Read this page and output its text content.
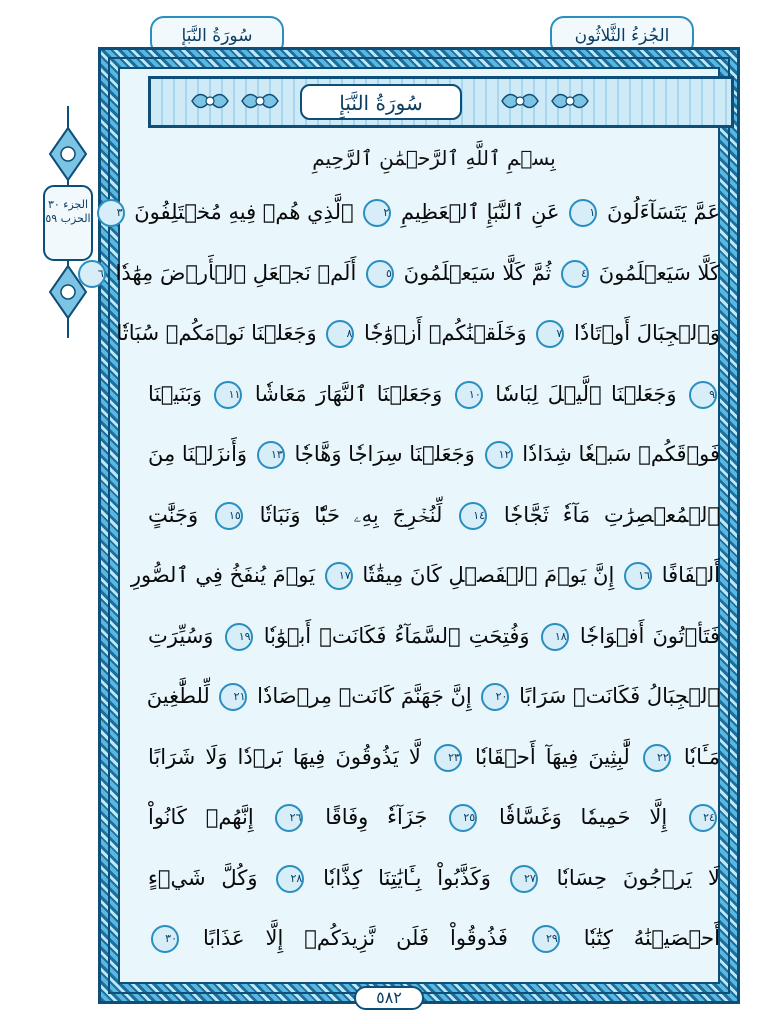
الجُزءُ الثَّلاثُون
سُورَةُ النَّبَإِ
سُورَةُ النَّبَإِ
الجزء ٣٠
الحزب ٥٩
بِسۡمِ ٱللَّهِ ٱلرَّحۡمَٰنِ ٱلرَّحِيمِ
عَمَّ يَتَسَآءَلُونَ ١ عَنِ ٱلنَّبَإِ ٱلۡعَظِيمِ ٢ ٱلَّذِي هُمۡ فِيهِ مُخۡتَلِفُونَ ٣
كَلَّا سَيَعۡلَمُونَ ٤ ثُمَّ كَلَّا سَيَعۡلَمُونَ ٥ أَلَمۡ نَجۡعَلِ ٱلۡأَرۡضَ مِهَٰدٗا ٦
وَٱلۡجِبَالَ أَوۡتَادٗا ٧ وَخَلَقۡنَٰكُمۡ أَزۡوَٰجٗا ٨ وَجَعَلۡنَا نَوۡمَكُمۡ سُبَاتٗا
٩ وَجَعَلۡنَا ٱلَّيۡلَ لِبَاسٗا ١٠ وَجَعَلۡنَا ٱلنَّهَارَ مَعَاشٗا ١١ وَبَنَيۡنَا
فَوۡقَكُمۡ سَبۡعٗا شِدَادٗا ١٢ وَجَعَلۡنَا سِرَاجٗا وَهَّاجٗا ١٣ وَأَنزَلۡنَا مِنَ
ٱلۡمُعۡصِرَٰتِ مَآءٗ ثَجَّاجٗا ١٤ لِّنُخۡرِجَ بِهِۦ حَبّٗا وَنَبَاتٗا ١٥ وَجَنَّٰتٍ
أَلۡفَافًا ١٦ إِنَّ يَوۡمَ ٱلۡفَصۡلِ كَانَ مِيقَٰتٗا ١٧ يَوۡمَ يُنفَخُ فِي ٱلصُّورِ
فَتَأۡتُونَ أَفۡوَاجٗا ١٨ وَفُتِحَتِ ٱلسَّمَآءُ فَكَانَتۡ أَبۡوَٰبٗا ١٩ وَسُيِّرَتِ
ٱلۡجِبَالُ فَكَانَتۡ سَرَابًا ٢٠ إِنَّ جَهَنَّمَ كَانَتۡ مِرۡصَادٗا ٢١ لِّلطَّٰغِينَ
مَـَٔابٗا ٢٢ لَّٰبِثِينَ فِيهَآ أَحۡقَابٗا ٢٣ لَّا يَذُوقُونَ فِيهَا بَرۡدٗا وَلَا شَرَابًا
٢٤ إِلَّا حَمِيمٗا وَغَسَّاقٗا ٢٥ جَزَآءٗ وِفَاقًا ٢٦ إِنَّهُمۡ كَانُواْ
لَا يَرۡجُونَ حِسَابٗا ٢٧ وَكَذَّبُواْ بِـَٔايَٰتِنَا كِذَّابٗا ٢٨ وَكُلَّ شَيۡءٍ
أَحۡصَيۡنَٰهُ كِتَٰبٗا ٢٩ فَذُوقُواْ فَلَن نَّزِيدَكُمۡ إِلَّا عَذَابًا ٣٠
٥٨٢
